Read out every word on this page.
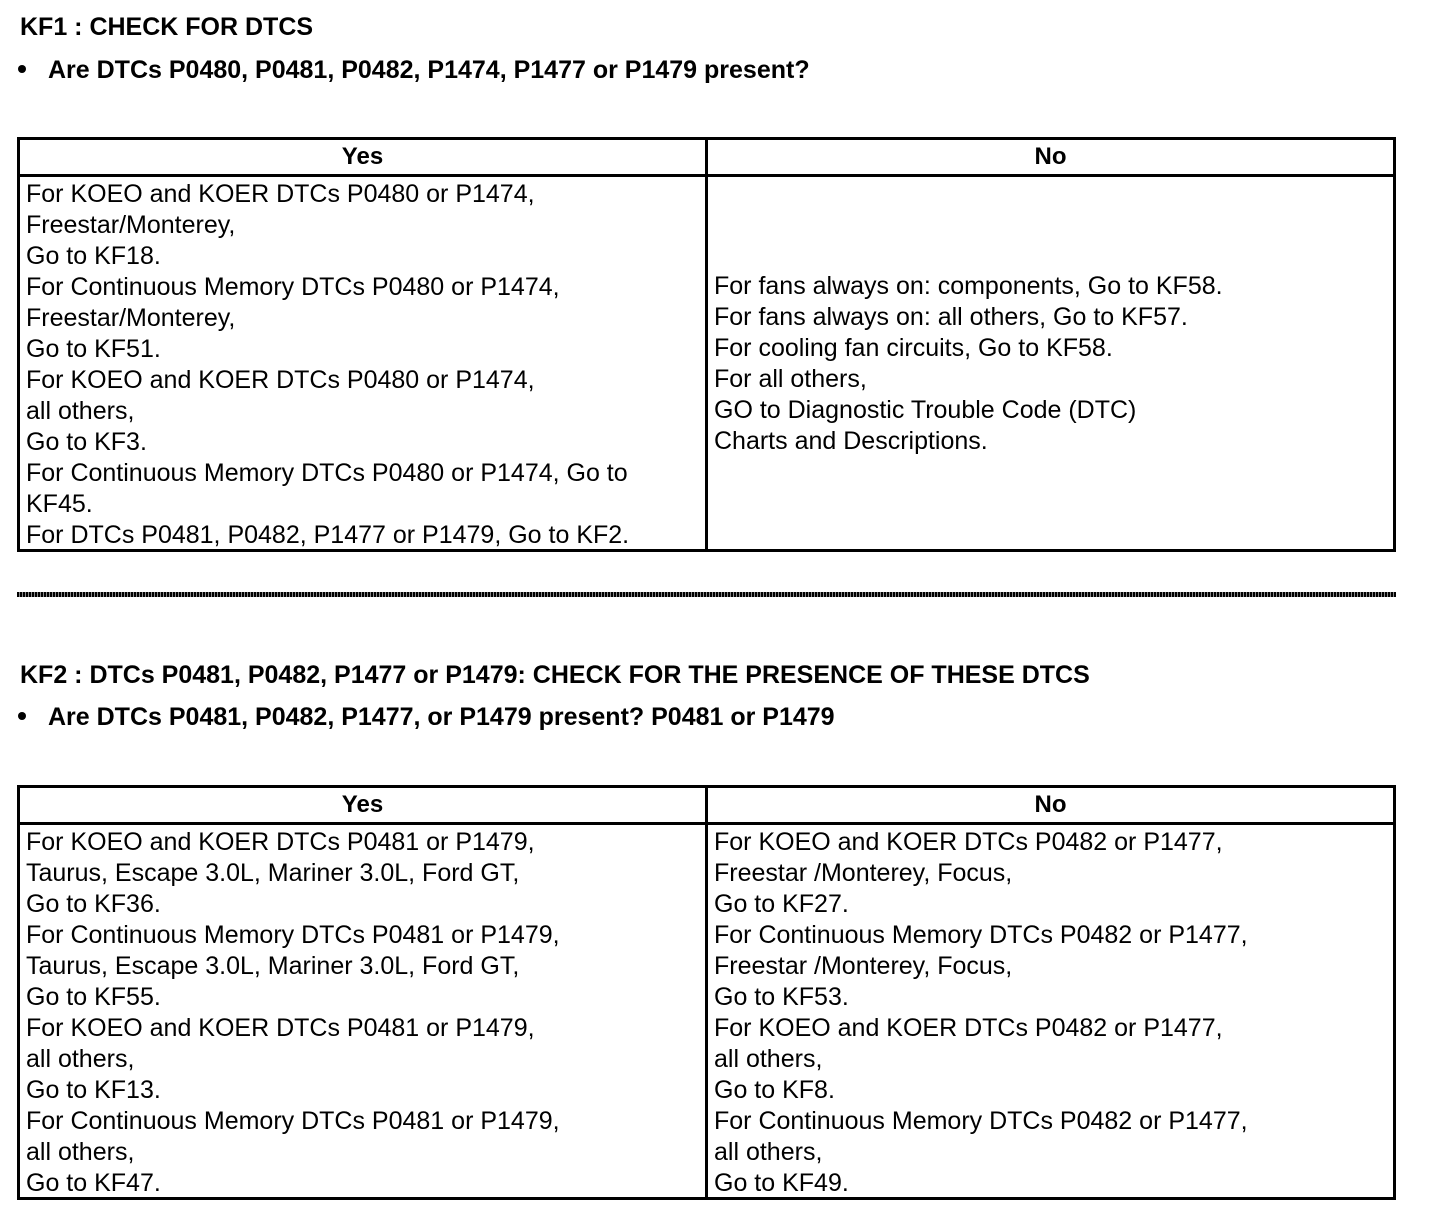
KF1 : CHECK FOR DTCS
Are DTCs P0480, P0481, P0482, P1474, P1477 or P1479 present?
Yes	No
For KOEO and KOER DTCs P0480 or P1474,
Freestar/Monterey,
Go to KF18.
For Continuous Memory DTCs P0480 or P1474,
Freestar/Monterey,
Go to KF51.
For KOEO and KOER DTCs P0480 or P1474,
all others,
Go to KF3.
For Continuous Memory DTCs P0480 or P1474, Go to
KF45.
For DTCs P0481, P0482, P1477 or P1479, Go to KF2.
For fans always on: components, Go to KF58.
For fans always on: all others, Go to KF57.
For cooling fan circuits, Go to KF58.
For all others,
GO to Diagnostic Trouble Code (DTC)
Charts and Descriptions.
KF2 : DTCs P0481, P0482, P1477 or P1479: CHECK FOR THE PRESENCE OF THESE DTCS
Are DTCs P0481, P0482, P1477, or P1479 present? P0481 or P1479
Yes	No
For KOEO and KOER DTCs P0481 or P1479,
Taurus, Escape 3.0L, Mariner 3.0L, Ford GT,
Go to KF36.
For Continuous Memory DTCs P0481 or P1479,
Taurus, Escape 3.0L, Mariner 3.0L, Ford GT,
Go to KF55.
For KOEO and KOER DTCs P0481 or P1479,
all others,
Go to KF13.
For Continuous Memory DTCs P0481 or P1479,
all others,
Go to KF47.
For KOEO and KOER DTCs P0482 or P1477,
Freestar /Monterey, Focus,
Go to KF27.
For Continuous Memory DTCs P0482 or P1477,
Freestar /Monterey, Focus,
Go to KF53.
For KOEO and KOER DTCs P0482 or P1477,
all others,
Go to KF8.
For Continuous Memory DTCs P0482 or P1477,
all others,
Go to KF49.
